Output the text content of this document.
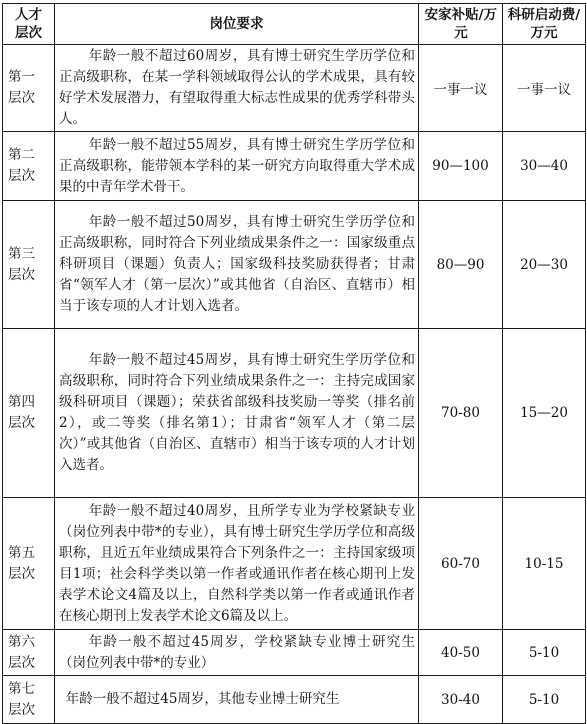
人才层次	岗位要求	安家补贴/万元	科研启动费/万元
第一层次	年龄一般不超过60周岁，具有博士研究生学历学位和正高级职称，在某一学科领域取得公认的学术成果，具有较好学术发展潜力，有望取得重大标志性成果的优秀学科带头人。	一事一议	一事一议
第二层次	年龄一般不超过55周岁，具有博士研究生学历学位和正高级职称，能带领本学科的某一研究方向取得重大学术成果的中青年学术骨干。	90—100	30—40
第三层次	年龄一般不超过50周岁，具有博士研究生学历学位和正高级职称，同时符合下列业绩成果条件之一：国家级重点科研项目（课题）负责人；国家级科技奖励获得者；甘肃省“领军人才（第一层次）”或其他省（自治区、直辖市）相当于该专项的人才计划入选者。	80—90	20—30
第四层次	年龄一般不超过45周岁，具有博士研究生学历学位和高级职称，同时符合下列业绩成果条件之一：主持完成国家级科研项目（课题）；荣获省部级科技奖励一等奖（排名前2），或二等奖（排名第1）；甘肃省“领军人才（第二层次）”或其他省（自治区、直辖市）相当于该专项的人才计划入选者。	70-80	15—20
第五层次	年龄一般不超过40周岁，且所学专业为学校紧缺专业（岗位列表中带*的专业），具有博士研究生学历学位和高级职称，且近五年业绩成果符合下列条件之一：主持国家级项目1项；社会科学类以第一作者或通讯作者在核心期刊上发表学术论文4篇及以上，自然科学类以第一作者或通讯作者在核心期刊上发表学术论文6篇及以上。	60-70	10-15
第六层次	年龄一般不超过45周岁，学校紧缺专业博士研究生（岗位列表中带*的专业）	40-50	5-10
第七层次	年龄一般不超过45周岁，其他专业博士研究生	30-40	5-10
